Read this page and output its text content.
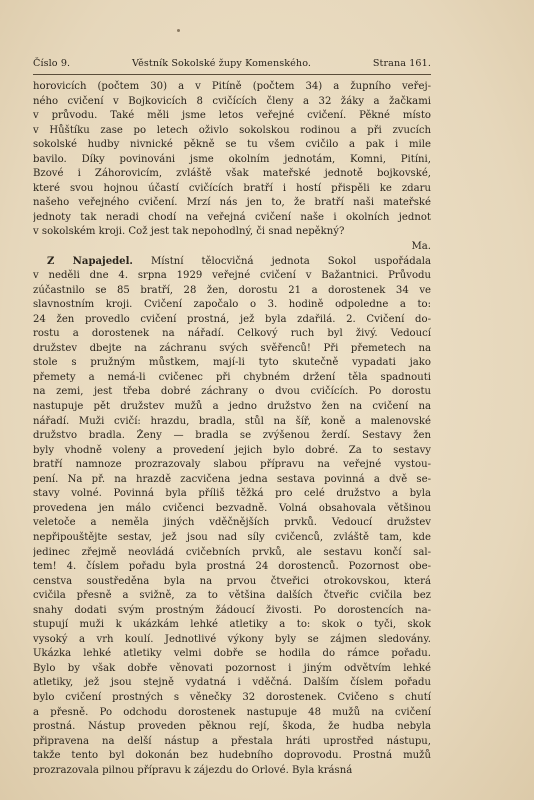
Číslo 9.	Věstník Sokolské župy Komenského.	Strana 161.
horovicích (počtem 30) a v Pitíně (počtem 34) a župního veřej-
ného cvičení v Bojkovicích 8 cvičících členy a 32 žáky a žačkami
v průvodu. Také měli jsme letos veřejné cvičení. Pěkné místo
v Hůštíku zase po letech oživlo sokolskou rodinou a při zvucích
sokolské hudby nivnické pěkně se tu všem cvičilo a pak i mile
bavilo. Díky povinováni jsme okolním jednotám, Komni, Pitíni,
Bzové i Záhorovicím, zvláště však mateřské jednotě bojkovské,
které svou hojnou účastí cvičících bratří i hostí přispěli ke zdaru
našeho veřejného cvičení. Mrzí nás jen to, že bratří naši mateřské
jednoty tak neradi chodí na veřejná cvičení naše i okolních jednot
v sokolském kroji. Což jest tak nepohodlný, či snad nepěkný?
Ma.
Z Napajedel. Místní tělocvičná jednota Sokol uspořádala
v neděli dne 4. srpna 1929 veřejné cvičení v Bažantnici. Průvodu
zúčastnilo se 85 bratří, 28 žen, dorostu 21 a dorostenek 34 ve
slavnostním kroji. Cvičení započalo o 3. hodině odpoledne a to:
24 žen provedlo cvičení prostná, jež byla zdařilá. 2. Cvičení do-
rostu a dorostenek na nářadí. Celkový ruch byl živý. Vedoucí
družstev dbejte na záchranu svých svěřenců! Při přemetech na
stole s pružným můstkem, mají-li tyto skutečně vypadati jako
přemety a nemá-li cvičenec při chybném držení těla spadnouti
na zemi, jest třeba dobré záchrany o dvou cvičících. Po dorostu
nastupuje pět družstev mužů a jedno družstvo žen na cvičení na
nářadí. Muži cvičí: hrazdu, bradla, stůl na šíř, koně a malenovské
družstvo bradla. Ženy — bradla se zvýšenou žerdí. Sestavy žen
byly vhodně voleny a provedení jejich bylo dobré. Za to sestavy
bratří namnoze prozrazovaly slabou přípravu na veřejné vystou-
pení. Na př. na hrazdě zacvičena jedna sestava povinná a dvě se-
stavy volné. Povinná byla příliš těžká pro celé družstvo a byla
provedena jen málo cvičenci bezvadně. Volná obsahovala většinou
veletoče a neměla jiných vděčnějších prvků. Vedoucí družstev
nepřipouštějte sestav, jež jsou nad síly cvičenců, zvláště tam, kde
jedinec zřejmě neovládá cvičebních prvků, ale sestavu končí sal-
tem! 4. číslem pořadu byla prostná 24 dorostenců. Pozornost obe-
censtva soustředěna byla na prvou čtveřici otrokovskou, která
cvičila přesně a svižně, za to většina dalších čtveřic cvičila bez
snahy dodati svým prostným žádoucí živosti. Po dorostencích na-
stupují muži k ukázkám lehké atletiky a to: skok o tyči, skok
vysoký a vrh koulí. Jednotlivé výkony byly se zájmen sledovány.
Ukázka lehké atletiky velmi dobře se hodila do rámce pořadu.
Bylo by však dobře věnovati pozornost i jiným odvětvím lehké
atletiky, jež jsou stejně vydatná i vděčná. Dalším číslem pořadu
bylo cvičení prostných s věnečky 32 dorostenek. Cvičeno s chutí
a přesně. Po odchodu dorostenek nastupuje 48 mužů na cvičení
prostná. Nástup proveden pěknou rejí, škoda, že hudba nebyla
připravena na delší nástup a přestala hráti uprostřed nástupu,
takže tento byl dokonán bez hudebního doprovodu. Prostná mužů
prozrazovala pilnou přípravu k zájezdu do Orlové. Byla krásná
